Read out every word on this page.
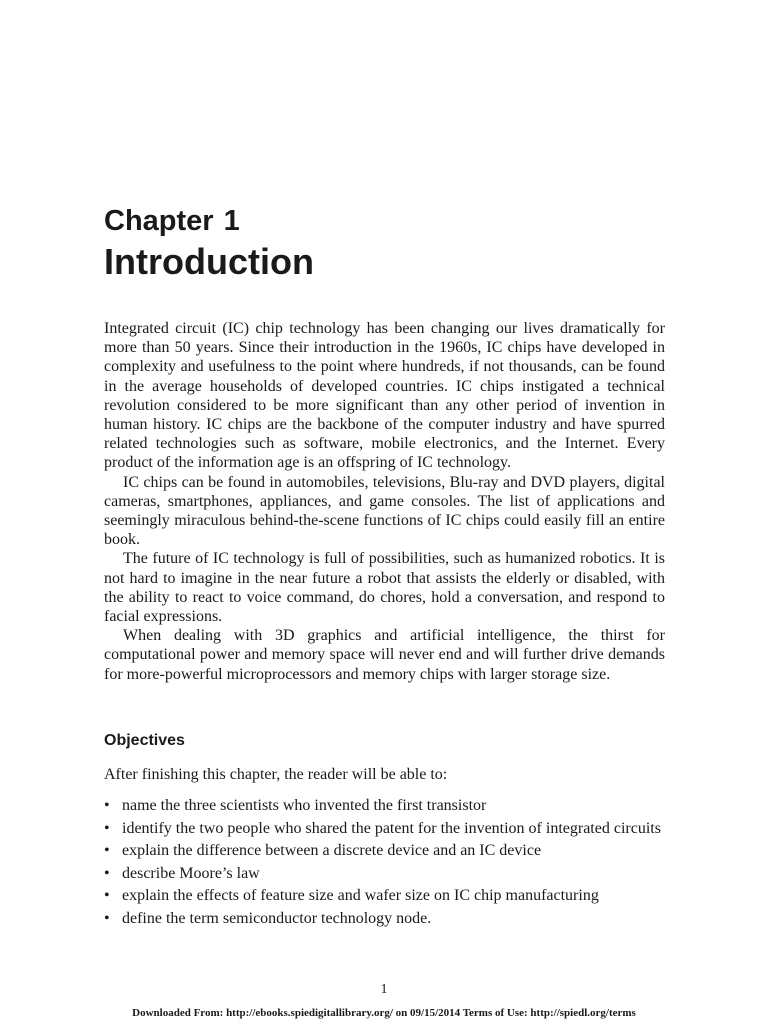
Chapter 1
Introduction

Integrated circuit (IC) chip technology has been changing our lives dramatically for more than 50 years. Since their introduction in the 1960s, IC chips have developed in complexity and usefulness to the point where hundreds, if not thousands, can be found in the average households of developed countries. IC chips instigated a technical revolution considered to be more significant than any other period of invention in human history. IC chips are the backbone of the computer industry and have spurred related technologies such as software, mobile electronics, and the Internet. Every product of the information age is an offspring of IC technology.

IC chips can be found in automobiles, televisions, Blu-ray and DVD players, digital cameras, smartphones, appliances, and game consoles. The list of applications and seemingly miraculous behind-the-scene functions of IC chips could easily fill an entire book.

The future of IC technology is full of possibilities, such as humanized robotics. It is not hard to imagine in the near future a robot that assists the elderly or disabled, with the ability to react to voice command, do chores, hold a conversation, and respond to facial expressions.

When dealing with 3D graphics and artificial intelligence, the thirst for computational power and memory space will never end and will further drive demands for more-powerful microprocessors and memory chips with larger storage size.

Objectives
After finishing this chapter, the reader will be able to:
• name the three scientists who invented the first transistor
• identify the two people who shared the patent for the invention of integrated circuits
• explain the difference between a discrete device and an IC device
• describe Moore’s law
• explain the effects of feature size and wafer size on IC chip manufacturing
• define the term semiconductor technology node.
1
Downloaded From: http://ebooks.spiedigitallibrary.org/ on 09/15/2014 Terms of Use: http://spiedl.org/terms
